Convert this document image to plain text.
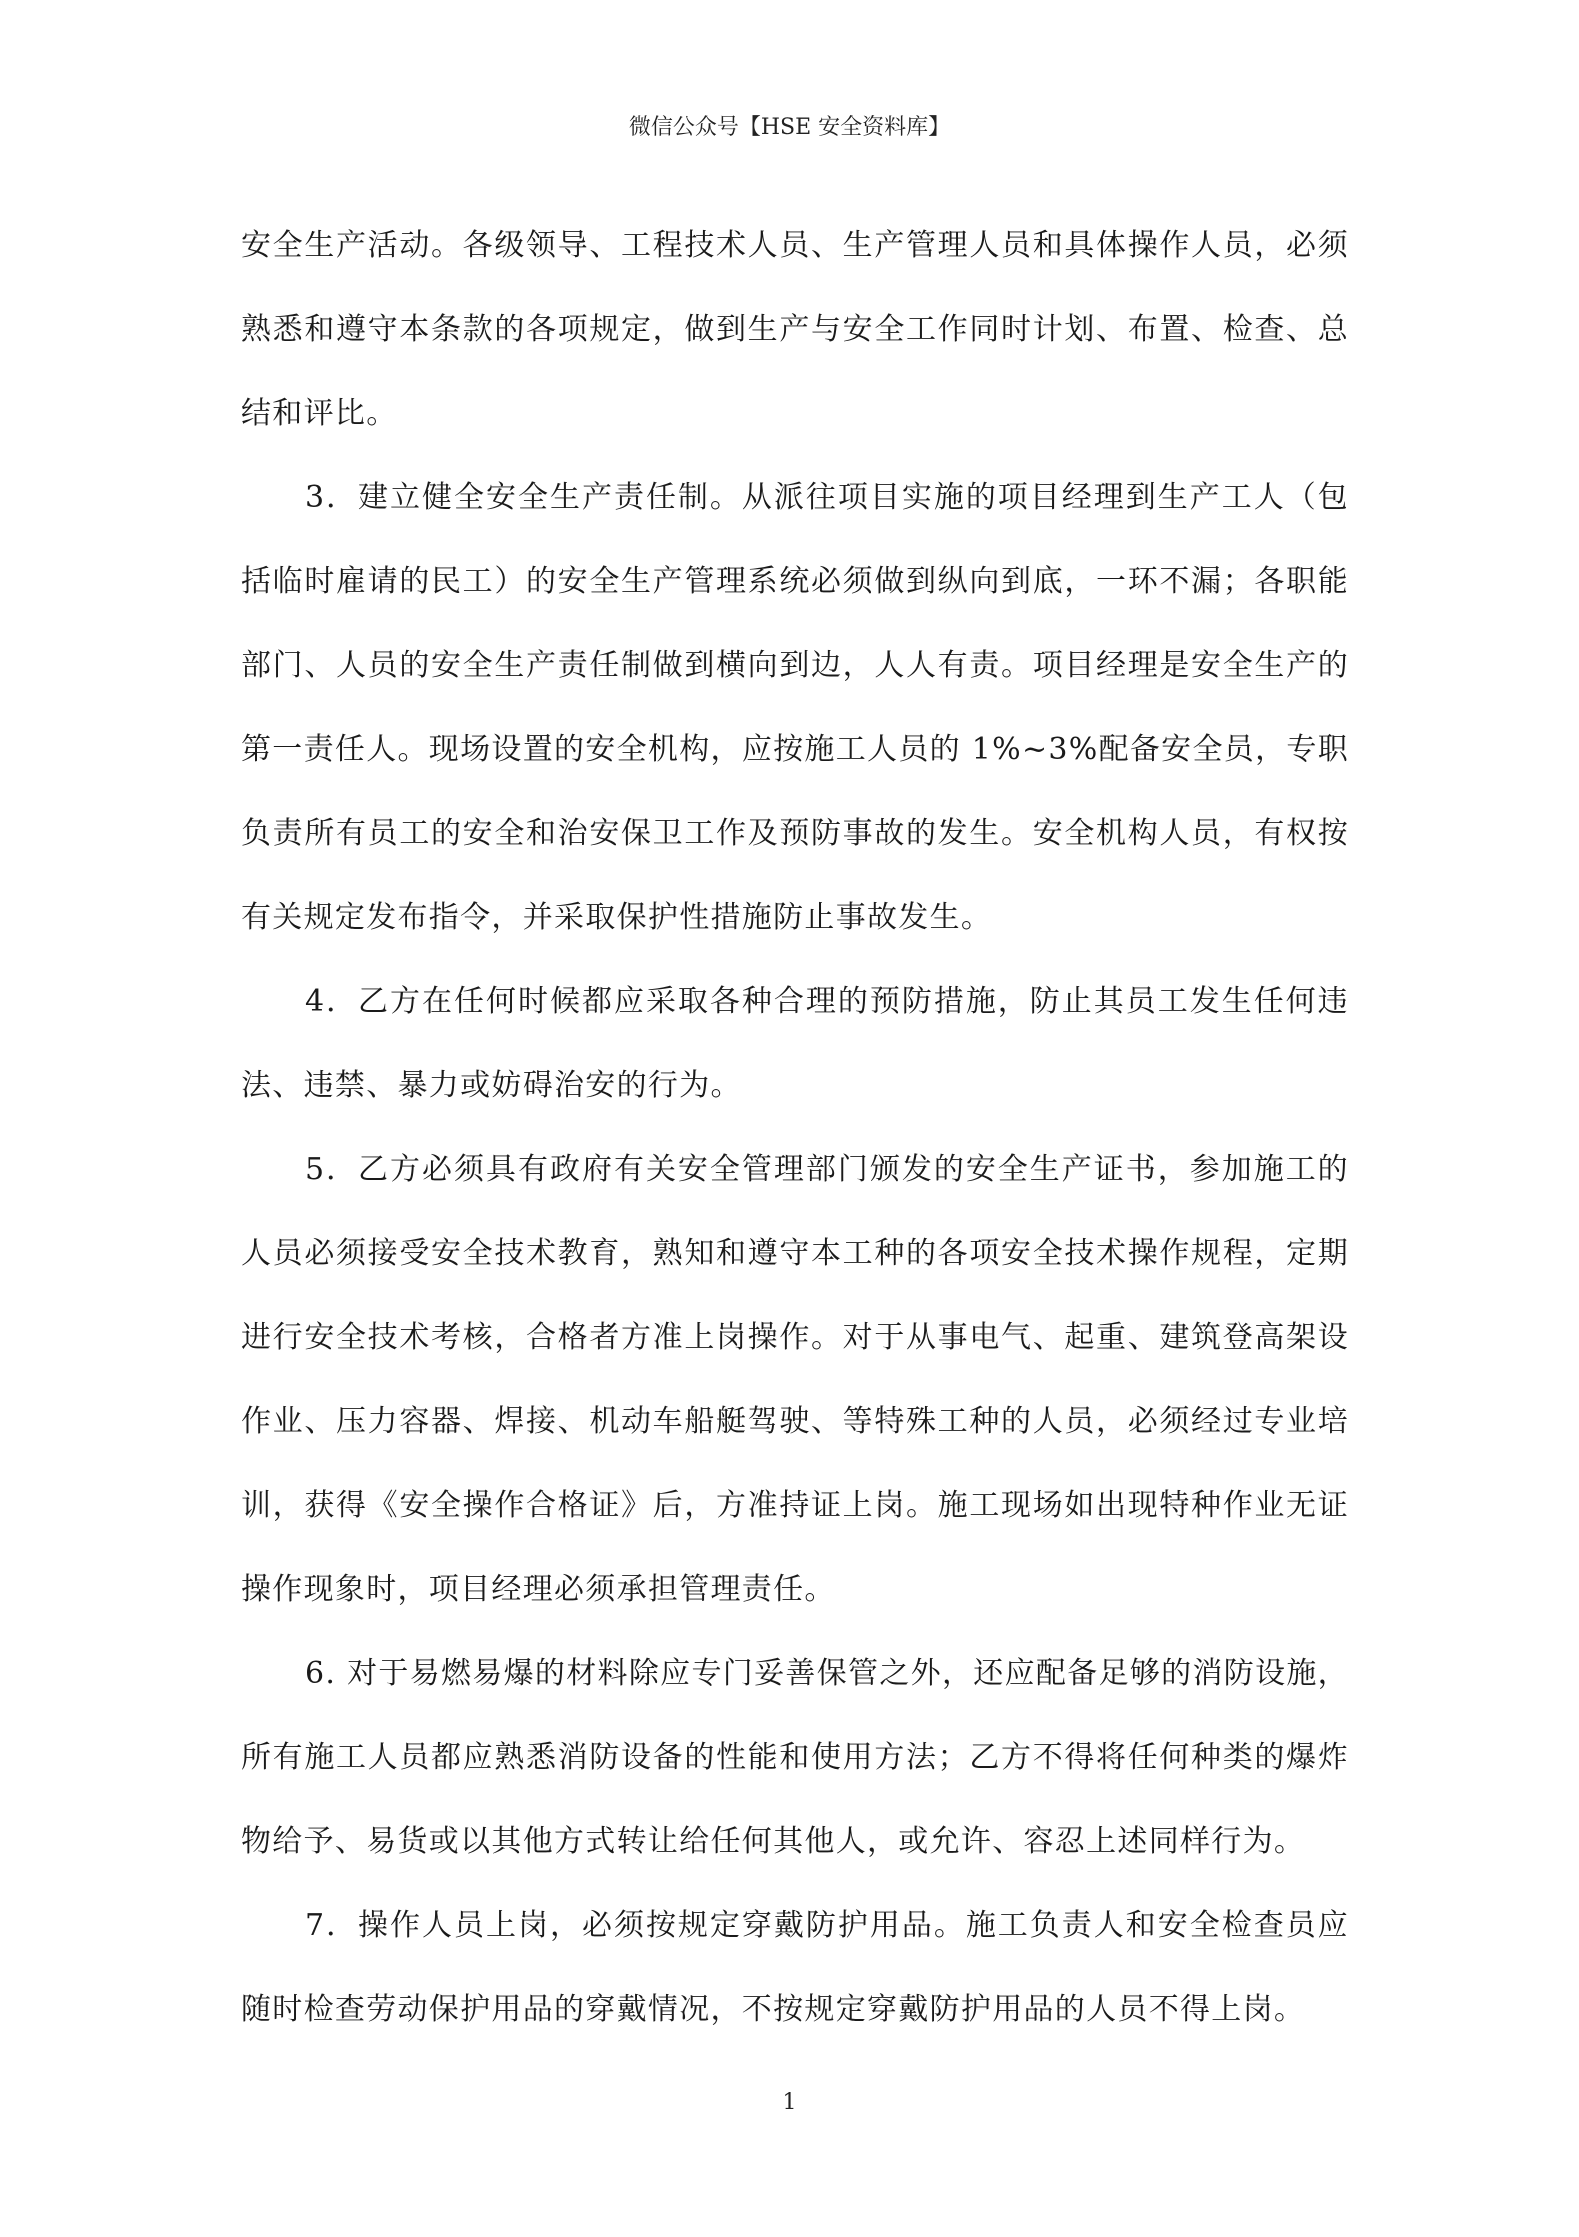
微信公众号【HSE 安全资料库】

安全生产活动。各级领导、工程技术人员、生产管理人员和具体操作人员，必须熟悉和遵守本条款的各项规定，做到生产与安全工作同时计划、布置、检查、总结和评比。

3．建立健全安全生产责任制。从派往项目实施的项目经理到生产工人（包括临时雇请的民工）的安全生产管理系统必须做到纵向到底，一环不漏；各职能部门、人员的安全生产责任制做到横向到边，人人有责。项目经理是安全生产的第一责任人。现场设置的安全机构，应按施工人员的 1%~3%配备安全员，专职负责所有员工的安全和治安保卫工作及预防事故的发生。安全机构人员，有权按有关规定发布指令，并采取保护性措施防止事故发生。

4．乙方在任何时候都应采取各种合理的预防措施，防止其员工发生任何违法、违禁、暴力或妨碍治安的行为。

5．乙方必须具有政府有关安全管理部门颁发的安全生产证书，参加施工的人员必须接受安全技术教育，熟知和遵守本工种的各项安全技术操作规程，定期进行安全技术考核，合格者方准上岗操作。对于从事电气、起重、建筑登高架设作业、压力容器、焊接、机动车船艇驾驶、等特殊工种的人员，必须经过专业培训，获得《安全操作合格证》后，方准持证上岗。施工现场如出现特种作业无证操作现象时，项目经理必须承担管理责任。

6. 对于易燃易爆的材料除应专门妥善保管之外，还应配备足够的消防设施，所有施工人员都应熟悉消防设备的性能和使用方法；乙方不得将任何种类的爆炸物给予、易货或以其他方式转让给任何其他人，或允许、容忍上述同样行为。

7．操作人员上岗，必须按规定穿戴防护用品。施工负责人和安全检查员应随时检查劳动保护用品的穿戴情况，不按规定穿戴防护用品的人员不得上岗。

1
